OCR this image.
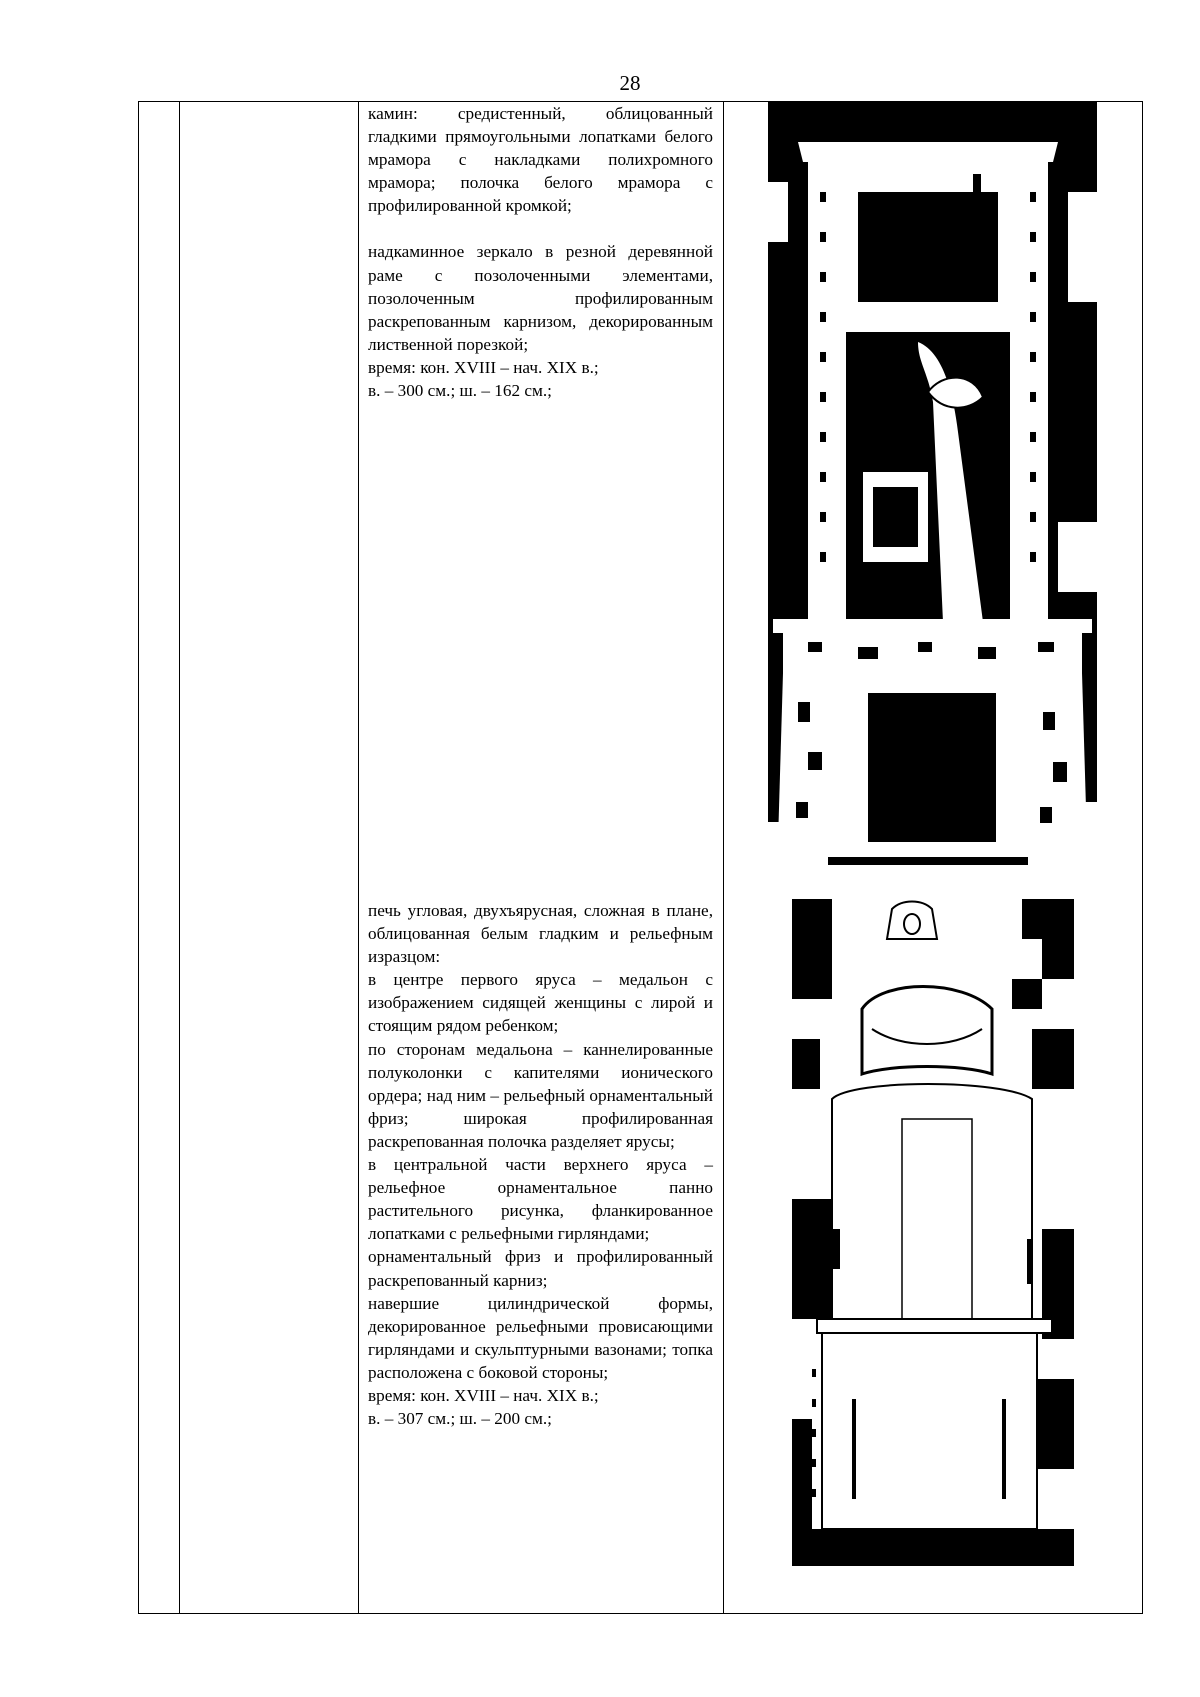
28

камин: средистенный, облицованный гладкими прямоугольными лопатками белого мрамора с накладками полихромного мрамора; полочка белого мрамора с профилированной кромкой;

надкаминное зеркало в резной деревянной раме с позолоченными элементами, позолоченным профилированным раскрепованным карнизом, декорированным лиственной порезкой;

время: кон. XVIII – нач. XIX в.;

в. – 300 см.; ш. – 162 см.;

печь угловая, двухъярусная, сложная в плане, облицованная белым гладким и рельефным изразцом:

в центре первого яруса – медальон с изображением сидящей женщины с лирой и стоящим рядом ребенком;

по сторонам медальона – каннелированные полуколонки с капителями ионического ордера; над ним – рельефный орнаментальный фриз; широкая профилированная раскрепованная полочка разделяет ярусы;

в центральной части верхнего яруса – рельефное орнаментальное панно растительного рисунка, фланкированное лопатками с рельефными гирляндами;

орнаментальный фриз и профилированный раскрепованный карниз;

навершие цилиндрической формы, декорированное рельефными провисающими гирляндами и скульптурными вазонами; топка расположена с боковой стороны;

время: кон. XVIII – нач. XIX в.;

в. – 307 см.; ш. – 200 см.;
